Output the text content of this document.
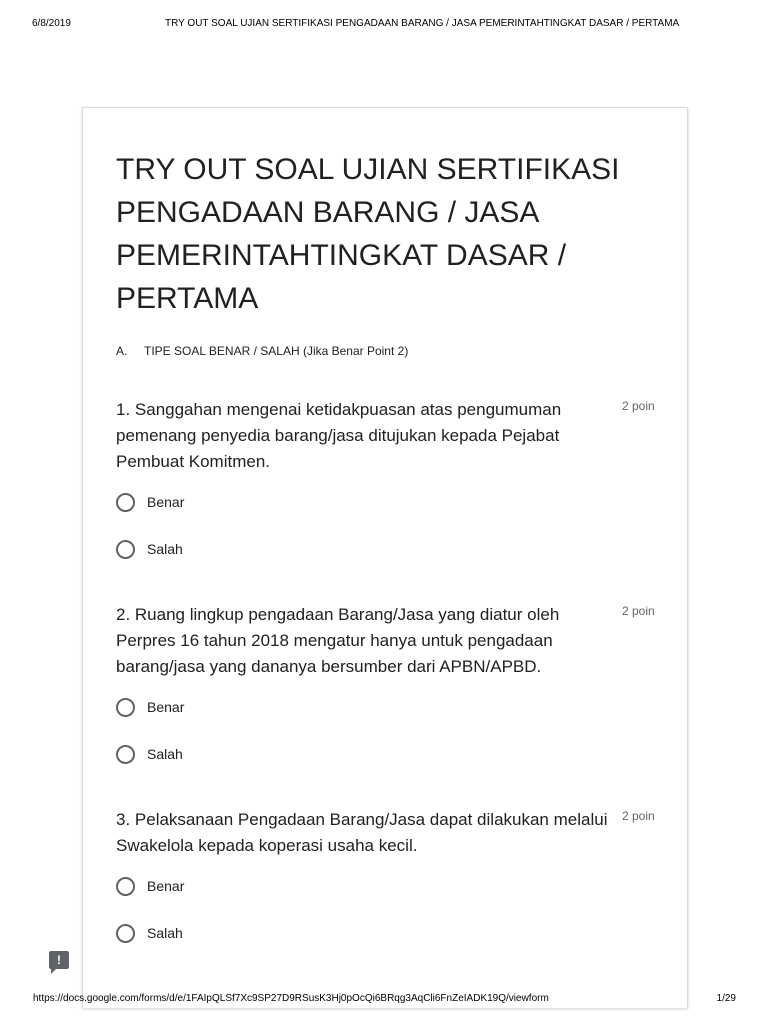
6/8/2019	TRY OUT SOAL UJIAN SERTIFIKASI PENGADAAN BARANG / JASA PEMERINTAHTINGKAT DASAR / PERTAMA
TRY OUT SOAL UJIAN SERTIFIKASI PENGADAAN BARANG / JASA PEMERINTAHTINGKAT DASAR / PERTAMA
A. TIPE SOAL BENAR / SALAH (Jika Benar Point 2)

1. Sanggahan mengenai ketidakpuasan atas pengumuman pemenang penyedia barang/jasa ditujukan kepada Pejabat Pembuat Komitmen.

2 poin
Benar
Salah

2. Ruang lingkup pengadaan Barang/Jasa yang diatur oleh Perpres 16 tahun 2018 mengatur hanya untuk pengadaan barang/jasa yang dananya bersumber dari APBN/APBD.

2 poin
Benar
Salah

3. Pelaksanaan Pengadaan Barang/Jasa dapat dilakukan melalui Swakelola kepada koperasi usaha kecil.

2 poin
Benar
Salah
!
https://docs.google.com/forms/d/e/1FAIpQLSf7Xc9SP27D9RSusK3Hj0pOcQi6BRqg3AqCli6FnZeIADK19Q/viewform	1/29
